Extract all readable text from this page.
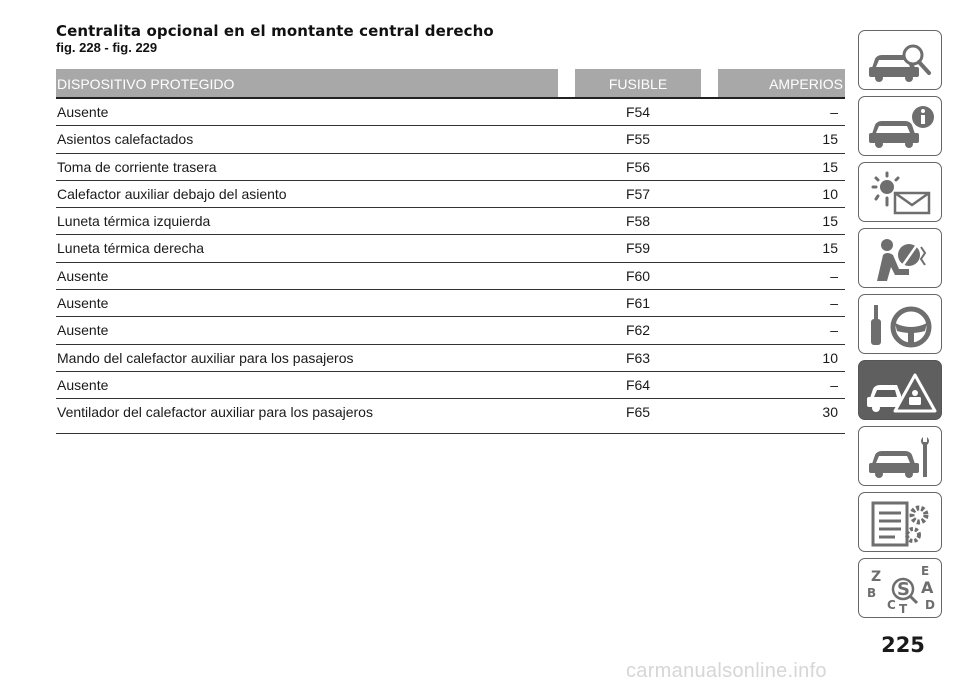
Centralita opcional en el montante central derecho
fig. 228 - fig. 229
DISPOSITIVO PROTEGIDO	FUSIBLE	AMPERIOS
Ausente	F54	–
Asientos calefactados	F55	15
Toma de corriente trasera	F56	15
Calefactor auxiliar debajo del asiento	F57	10
Luneta térmica izquierda	F58	15
Luneta térmica derecha	F59	15
Ausente	F60	–
Ausente	F61	–
Ausente	F62	–
Mando del calefactor auxiliar para los pasajeros	F63	10
Ausente	F64	–
Ventilador del calefactor auxiliar para los pasajeros	F65	30
Z	E
B	A
C D
T
S
225
carmanualsonline.info
